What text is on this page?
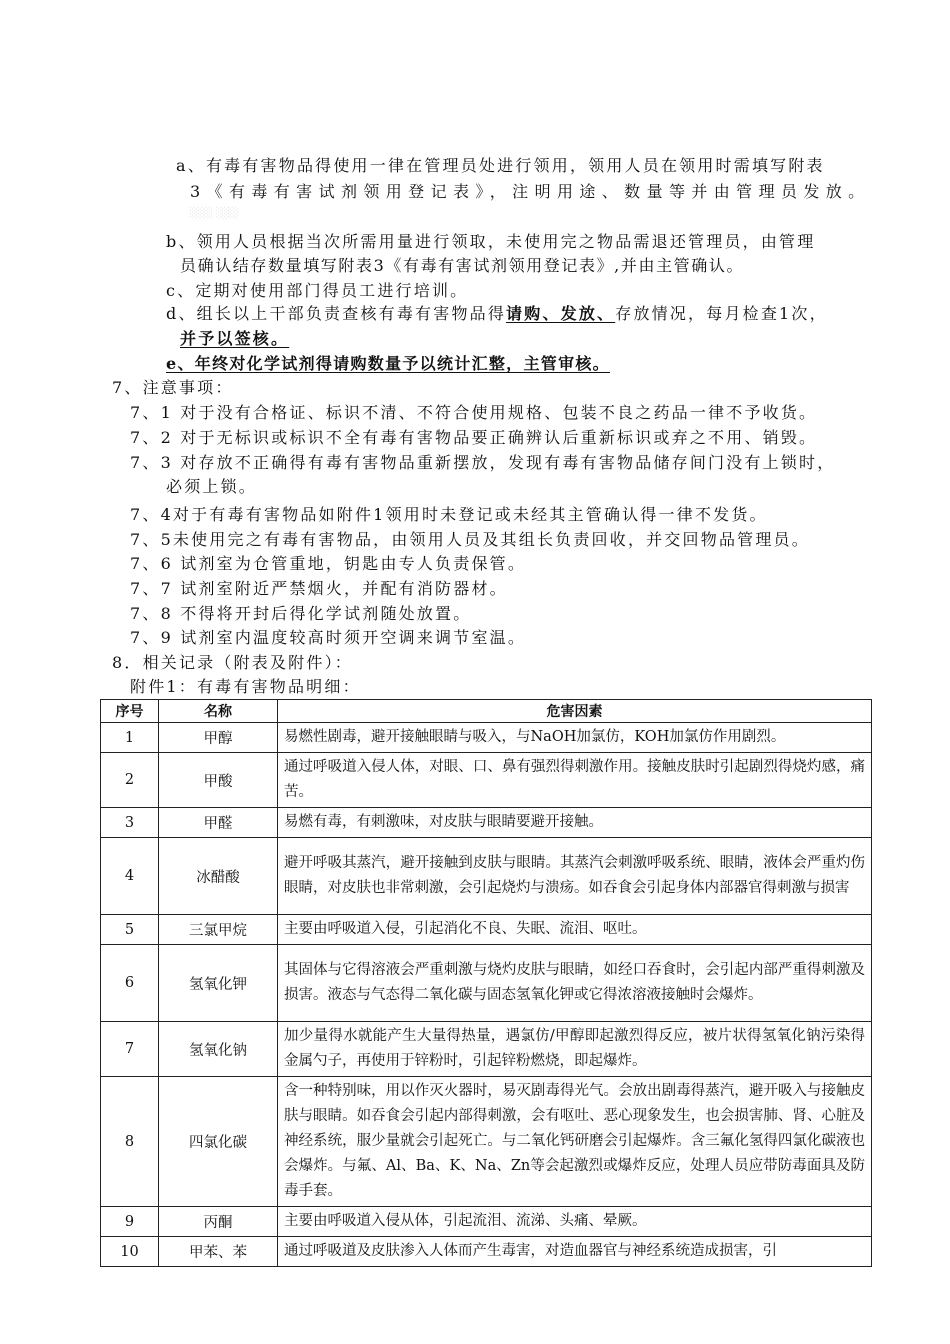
a、有毒有害物品得使用一律在管理员处进行领用，领用人员在领用时需填写附表
3《有毒有害试剂领用登记表》，注明用途、数量等并由管理员发放。
░░░ ░░░
b、领用人员根据当次所需用量进行领取，未使用完之物品需退还管理员，由管理
员确认结存数量填写附表3《有毒有害试剂领用登记表》,并由主管确认。
c、定期对使用部门得员工进行培训。
d、组长以上干部负责查核有毒有害物品得请购、发放、存放情况，每月检查1次，
并予以签核。
e、年终对化学试剂得请购数量予以统计汇整，主管审核。
7、注意事项：
7、1 对于没有合格证、标识不清、不符合使用规格、包装不良之药品一律不予收货。
7、2 对于无标识或标识不全有毒有害物品要正确辨认后重新标识或弃之不用、销毁。
7、3 对存放不正确得有毒有害物品重新摆放，发现有毒有害物品储存间门没有上锁时，
必须上锁。
7、4对于有毒有害物品如附件1领用时未登记或未经其主管确认得一律不发货。
7、5未使用完之有毒有害物品，由领用人员及其组长负责回收，并交回物品管理员。
7、6 试剂室为仓管重地，钥匙由专人负责保管。
7、7 试剂室附近严禁烟火，并配有消防器材。
7、8 不得将开封后得化学试剂随处放置。
7、9 试剂室内温度较高时须开空调来调节室温。
8．相关记录（附表及附件）：
附件1：有毒有害物品明细：
序号	名称	危害因素
1	甲醇	易燃性剧毒，避开接触眼睛与吸入，与NaOH加氯仿，KOH加氯仿作用剧烈。
2	甲酸	通过呼吸道入侵人体，对眼、口、鼻有强烈得刺激作用。接触皮肤时引起剧烈得烧灼感，痛苦。
3	甲醛	易燃有毒，有刺激味，对皮肤与眼睛要避开接触。
4	冰醋酸	避开呼吸其蒸汽，避开接触到皮肤与眼睛。其蒸汽会刺激呼吸系统、眼睛，液体会严重灼伤眼睛，对皮肤也非常刺激，会引起烧灼与溃疡。如吞食会引起身体内部器官得刺激与损害
5	三氯甲烷	主要由呼吸道入侵，引起消化不良、失眠、流泪、呕吐。
6	氢氧化钾	其固体与它得溶液会严重刺激与烧灼皮肤与眼睛，如经口吞食时，会引起内部严重得刺激及损害。液态与气态得二氧化碳与固态氢氧化钾或它得浓溶液接触时会爆炸。
7	氢氧化钠	加少量得水就能产生大量得热量，遇氯仿/甲醇即起激烈得反应，被片状得氢氧化钠污染得金属勺子，再使用于锌粉时，引起锌粉燃烧，即起爆炸。
8	四氯化碳	含一种特别味，用以作灭火器时，易灭剧毒得光气。会放出剧毒得蒸汽，避开吸入与接触皮肤与眼睛。如吞食会引起内部得刺激，会有呕吐、恶心现象发生，也会损害肺、肾、心脏及神经系统，服少量就会引起死亡。与二氧化钙研磨会引起爆炸。含三氟化氢得四氯化碳液也会爆炸。与氟、Al、Ba、K、Na、Zn等会起激烈或爆炸反应，处理人员应带防毒面具及防毒手套。
9	丙酮	主要由呼吸道入侵从体，引起流泪、流涕、头痛、晕厥。
10	甲苯、苯	通过呼吸道及皮肤渗入人体而产生毒害，对造血器官与神经系统造成损害，引
